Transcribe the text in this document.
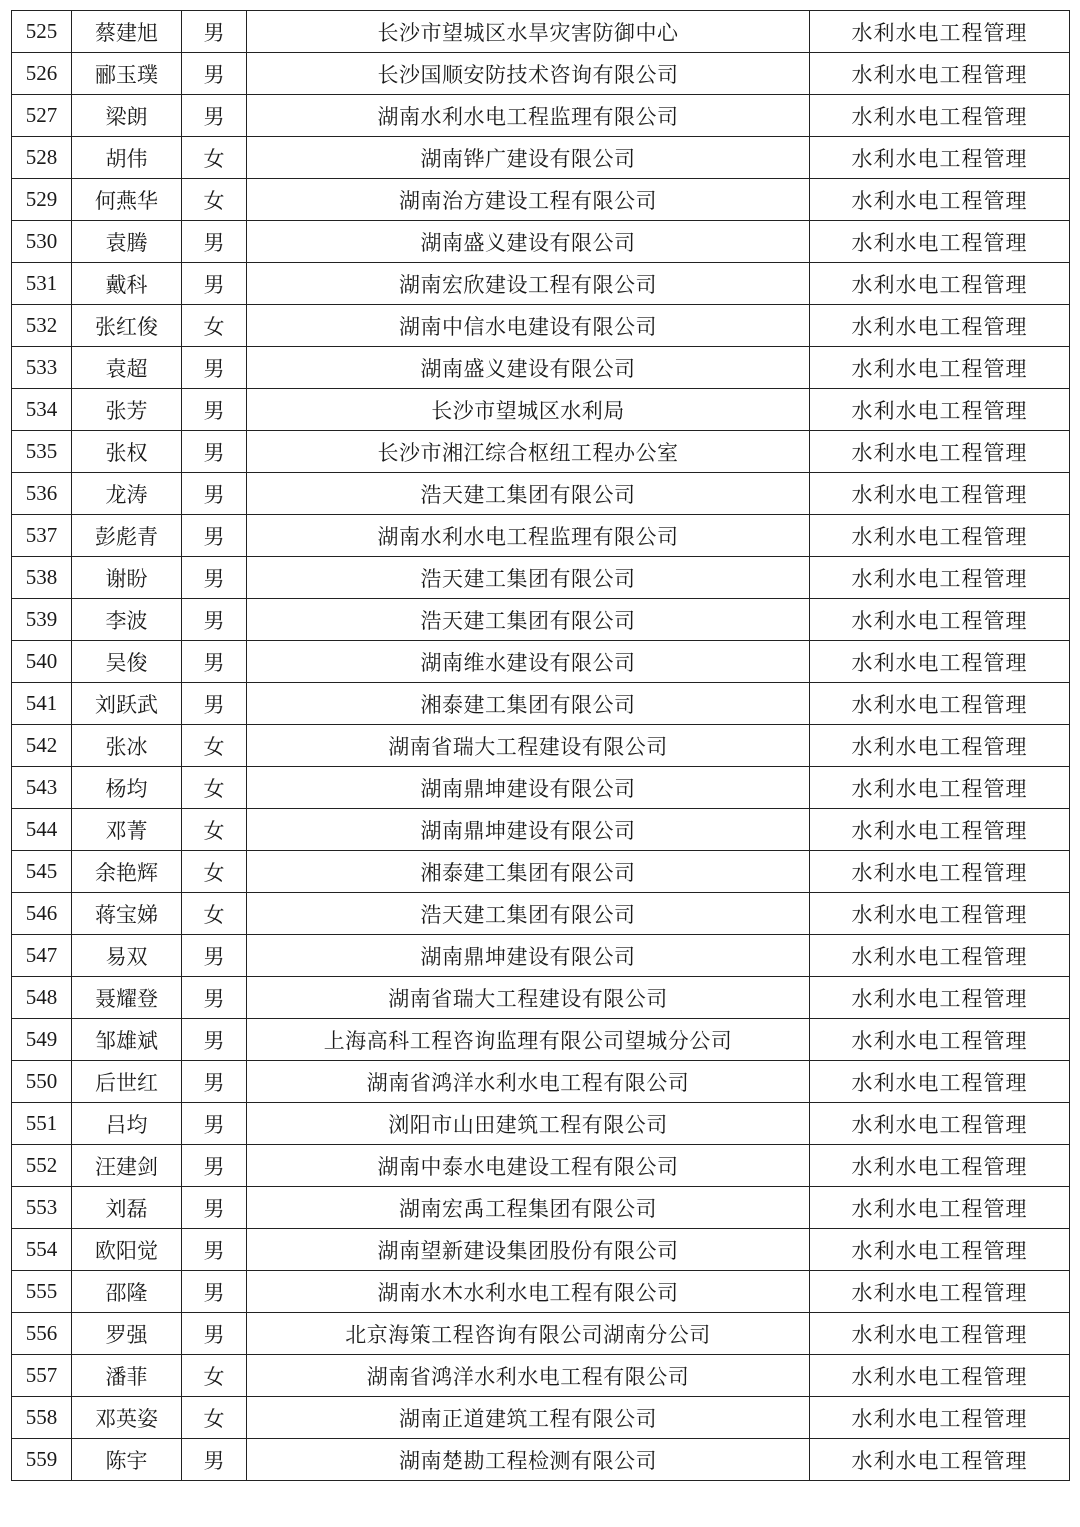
525	蔡建旭	男	长沙市望城区水旱灾害防御中心	水利水电工程管理
526	郦玉璞	男	长沙国顺安防技术咨询有限公司	水利水电工程管理
527	梁朗	男	湖南水利水电工程监理有限公司	水利水电工程管理
528	胡伟	女	湖南铧广建设有限公司	水利水电工程管理
529	何燕华	女	湖南治方建设工程有限公司	水利水电工程管理
530	袁腾	男	湖南盛义建设有限公司	水利水电工程管理
531	戴科	男	湖南宏欣建设工程有限公司	水利水电工程管理
532	张红俊	女	湖南中信水电建设有限公司	水利水电工程管理
533	袁超	男	湖南盛义建设有限公司	水利水电工程管理
534	张芳	男	长沙市望城区水利局	水利水电工程管理
535	张权	男	长沙市湘江综合枢纽工程办公室	水利水电工程管理
536	龙涛	男	浩天建工集团有限公司	水利水电工程管理
537	彭彪青	男	湖南水利水电工程监理有限公司	水利水电工程管理
538	谢盼	男	浩天建工集团有限公司	水利水电工程管理
539	李波	男	浩天建工集团有限公司	水利水电工程管理
540	吴俊	男	湖南维水建设有限公司	水利水电工程管理
541	刘跃武	男	湘泰建工集团有限公司	水利水电工程管理
542	张冰	女	湖南省瑞大工程建设有限公司	水利水电工程管理
543	杨均	女	湖南鼎坤建设有限公司	水利水电工程管理
544	邓菁	女	湖南鼎坤建设有限公司	水利水电工程管理
545	余艳辉	女	湘泰建工集团有限公司	水利水电工程管理
546	蒋宝娣	女	浩天建工集团有限公司	水利水电工程管理
547	易双	男	湖南鼎坤建设有限公司	水利水电工程管理
548	聂耀登	男	湖南省瑞大工程建设有限公司	水利水电工程管理
549	邹雄斌	男	上海高科工程咨询监理有限公司望城分公司	水利水电工程管理
550	后世红	男	湖南省鸿洋水利水电工程有限公司	水利水电工程管理
551	吕均	男	浏阳市山田建筑工程有限公司	水利水电工程管理
552	汪建剑	男	湖南中泰水电建设工程有限公司	水利水电工程管理
553	刘磊	男	湖南宏禹工程集团有限公司	水利水电工程管理
554	欧阳觉	男	湖南望新建设集团股份有限公司	水利水电工程管理
555	邵隆	男	湖南水木水利水电工程有限公司	水利水电工程管理
556	罗强	男	北京海策工程咨询有限公司湖南分公司	水利水电工程管理
557	潘菲	女	湖南省鸿洋水利水电工程有限公司	水利水电工程管理
558	邓英姿	女	湖南正道建筑工程有限公司	水利水电工程管理
559	陈宇	男	湖南楚勘工程检测有限公司	水利水电工程管理
